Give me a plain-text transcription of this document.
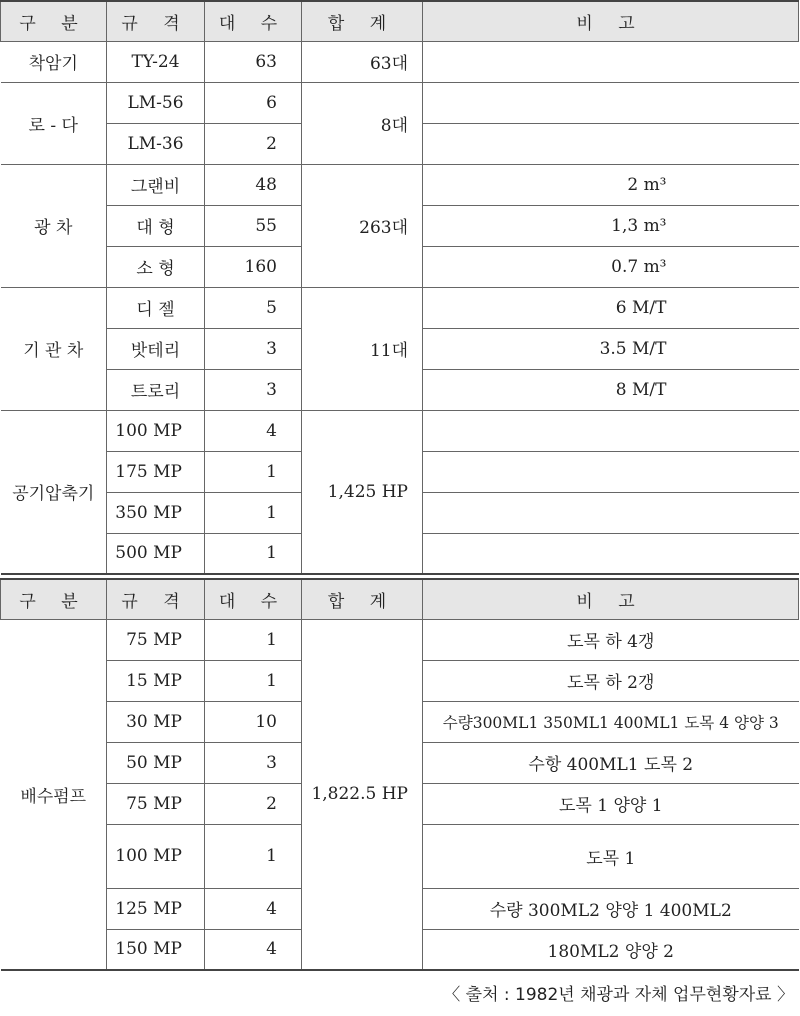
구 분	규 격	대 수	합 계	비 고
착암기	TY-24	63	63대	
로 - 다	LM-56	6	8대	
	LM-36	2		
광 차	그랜비	48	263대	2 m³
	대 형	55		1,3 m³
	소 형	160		0.7 m³
기 관 차	디 젤	5	11대	6 M/T
	밧테리	3		3.5 M/T
	트로리	3		8 M/T
공기압축기	100 MP	4	1,425 HP	
	175 MP	1		
	350 MP	1		
	500 MP	1		
구 분	규 격	대 수	합 계	비 고
배수펌프	75 MP	1	1,822.5 HP	도목 하 4갱
	15 MP	1		도목 하 2갱
	30 MP	10		수량300ML1 350ML1 400ML1 도목 4 양양 3
	50 MP	3		수항 400ML1 도목 2
	75 MP	2		도목 1 양양 1
	100 MP	1		도목 1
	125 MP	4		수량 300ML2 양양 1 400ML2
	150 MP	4		180ML2 양양 2
〈 출처 : 1982년 채광과 자체 업무현황자료 〉
